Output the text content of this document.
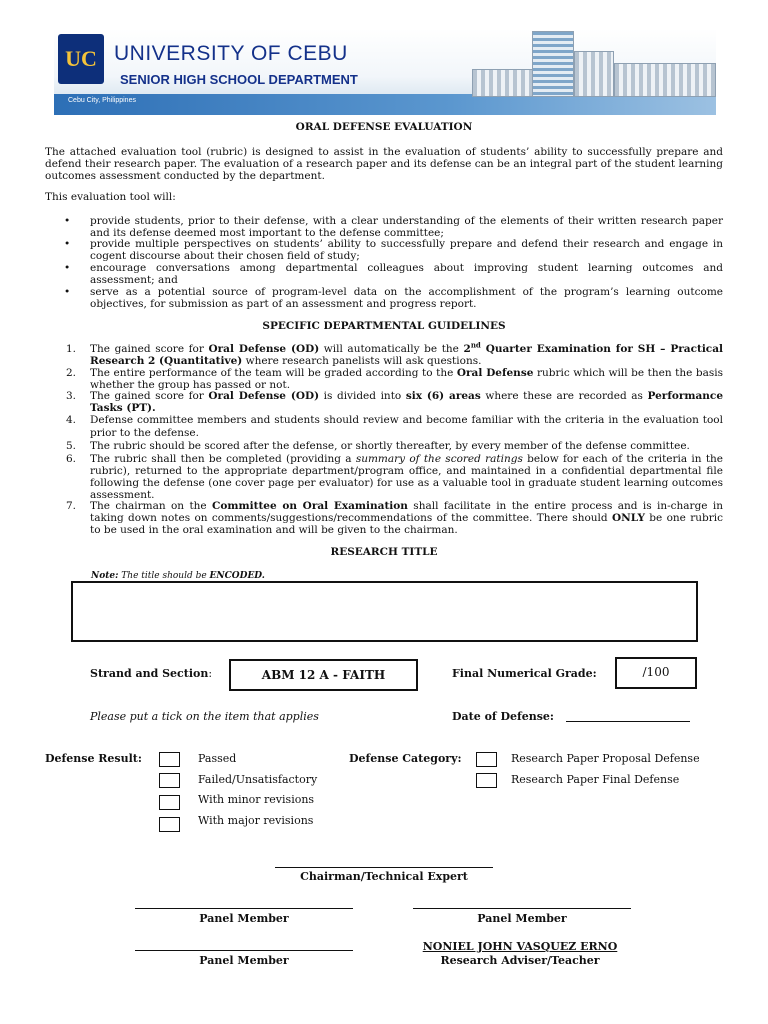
UC UNIVERSITY OF CEBU
SENIOR HIGH SCHOOL DEPARTMENT
Cebu City, Philippines
ORAL DEFENSE EVALUATION

The attached evaluation tool (rubric) is designed to assist in the evaluation of students’ ability to successfully prepare and defend their research paper. The evaluation of a research paper and its defense can be an integral part of the student learning outcomes assessment conducted by the department.

This evaluation tool will:
• provide students, prior to their defense, with a clear understanding of the elements of their written research paper and its defense deemed most important to the defense committee;

• provide multiple perspectives on students’ ability to successfully prepare and defend their research and engage in cogent discourse about their chosen field of study;

• encourage conversations among departmental colleagues about improving student learning outcomes and assessment; and

• serve as a potential source of program-level data on the accomplishment of the program’s learning outcome objectives, for submission as part of an assessment and progress report.

SPECIFIC DEPARTMENTAL GUIDELINES
1. The gained score for Oral Defense (OD) will automatically be the 2nd Quarter Examination for SH – Practical Research 2 (Quantitative) where research panelists will ask questions.

2. The entire performance of the team will be graded according to the Oral Defense rubric which will be then the basis whether the group has passed or not.

3. The gained score for Oral Defense (OD) is divided into six (6) areas where these are recorded as Performance Tasks (PT).

4. Defense committee members and students should review and become familiar with the criteria in the evaluation tool prior to the defense.

5. The rubric should be scored after the defense, or shortly thereafter, by every member of the defense committee.

6. The rubric shall then be completed (providing a summary of the scored ratings below for each of the criteria in the rubric), returned to the appropriate department/program office, and maintained in a confidential departmental file following the defense (one cover page per evaluator) for use as a valuable tool in graduate student learning outcomes assessment.

7. The chairman on the Committee on Oral Examination shall facilitate in the entire process and is in-charge in taking down notes on comments/suggestions/recommendations of the committee. There should ONLY be one rubric to be used in the oral examination and will be given to the chairman.

RESEARCH TITLE
Note: The title should be ENCODED.
Strand and Section:	ABM 12 A - FAITH	Final Numerical Grade:	/100
Please put a tick on the item that applies	Date of Defense:
Defense Result:	Passed
Failed/Unsatisfactory
With minor revisions
With major revisions
Defense Category:	Research Paper Proposal Defense
Research Paper Final Defense
Chairman/Technical Expert
Panel Member	Panel Member
Panel Member
NONIEL JOHN VASQUEZ ERNO
Research Adviser/Teacher
